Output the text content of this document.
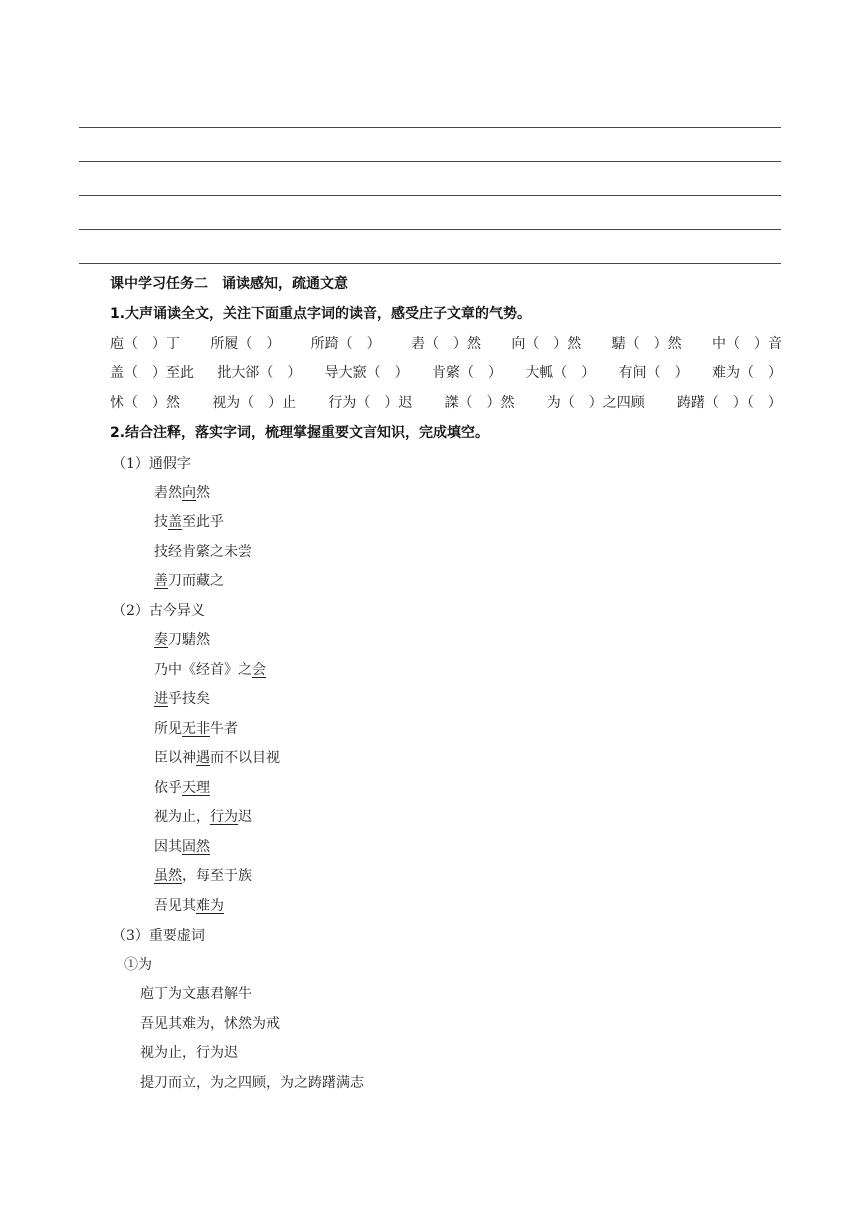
课中学习任务二　诵读感知，疏通文意
1.大声诵读全文，关注下面重点字词的读音，感受庄子文章的气势。
庖（　）丁 所履（　） 所踦（　） 砉（　）然 向（　）然 騞（　）然 中（　）音
盖（　）至此 批大郤（　） 导大窾（　） 肯綮（　） 大軱（　） 有间（　） 难为（　）
怵（　）然 视为（　）止 行为（　）迟 謋（　）然 为（　）之四顾 踌躇（　）（　）
2.结合注释，落实字词，梳理掌握重要文言知识，完成填空。
（1）通假字
砉然向然
技盖至此乎
技经肯綮之未尝
善刀而藏之
（2）古今异义
奏刀騞然
乃中《经首》之会
进乎技矣
所见无非牛者
臣以神遇而不以目视
依乎天理
视为止，行为迟
因其固然
虽然，每至于族
吾见其难为
（3）重要虚词
①为
庖丁为文惠君解牛
吾见其难为，怵然为戒
视为止，行为迟
提刀而立，为之四顾，为之踌躇满志
